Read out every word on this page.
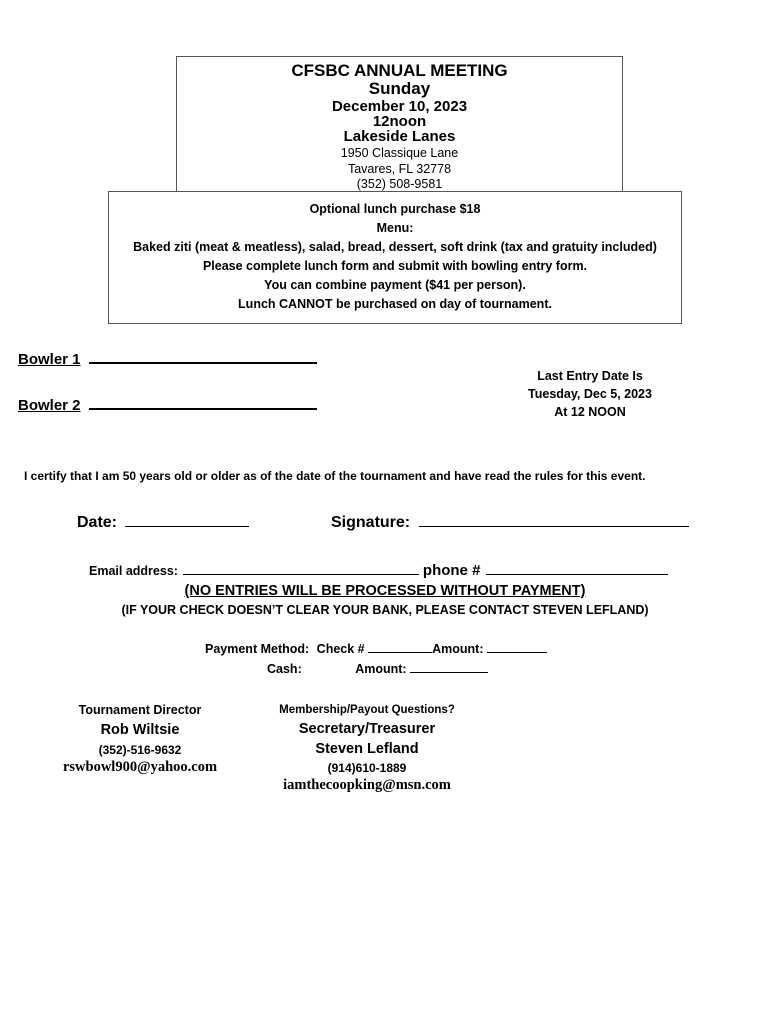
CFSBC ANNUAL MEETING
Sunday
December 10, 2023
12noon
Lakeside Lanes
1950 Classique Lane
Tavares, FL 32778
(352) 508-9581
Optional lunch purchase $18
Menu:
Baked ziti (meat & meatless), salad, bread, dessert, soft drink (tax and gratuity included)
Please complete lunch form and submit with bowling entry form.
You can combine payment ($41 per person).
Lunch CANNOT be purchased on day of tournament.
Bowler 1
Bowler 2
Last Entry Date Is
Tuesday, Dec 5, 2023
At 12 NOON
I certify that I am 50 years old or older as of the date of the tournament and have read the rules for this event.
Date:	Signature:
Email address:	phone #
(NO ENTRIES WILL BE PROCESSED WITHOUT PAYMENT)
(IF YOUR CHECK DOESN’T CLEAR YOUR BANK, PLEASE CONTACT STEVEN LEFLAND)
Payment Method: Check #	Amount:
Cash:	Amount:
Tournament Director
Rob Wiltsie
(352)-516-9632
rswbowl900@yahoo.com
Membership/Payout Questions?
Secretary/Treasurer
Steven Lefland
(914)610-1889
iamthecoopking@msn.com
